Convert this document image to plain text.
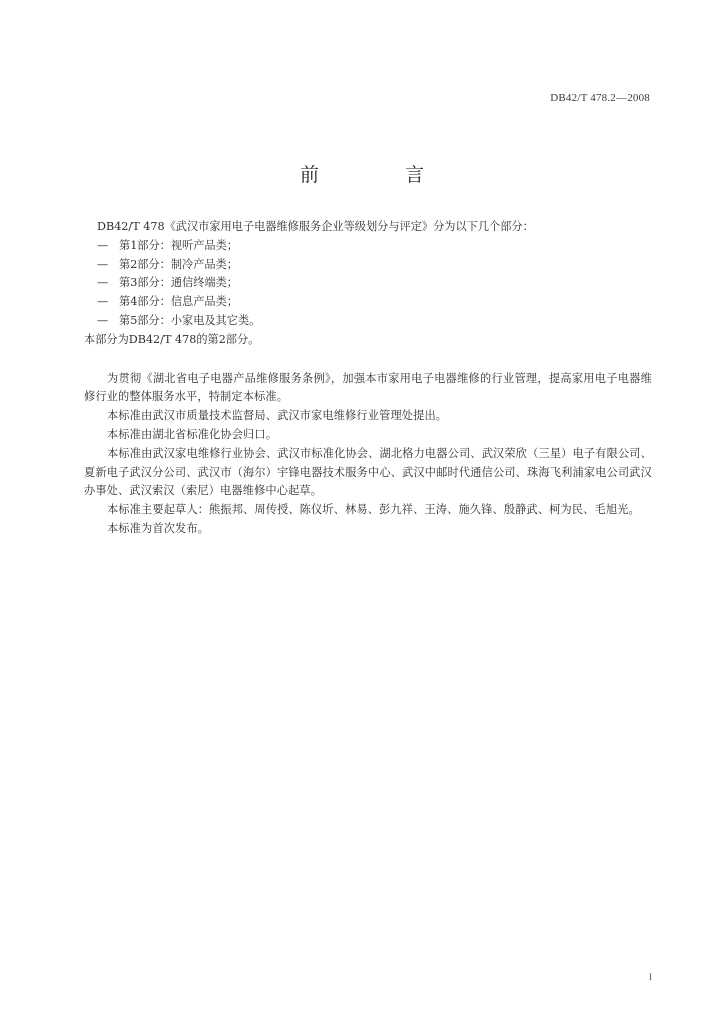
DB42/T 478.2—2008
前 言
DB42/T 478《武汉市家用电子电器维修服务企业等级划分与评定》分为以下几个部分：
— 第1部分：视听产品类；
— 第2部分：制冷产品类；
— 第3部分：通信终端类；
— 第4部分：信息产品类；
— 第5部分：小家电及其它类。
本部分为DB42/T 478的第2部分。
为贯彻《湖北省电子电器产品维修服务条例》，加强本市家用电子电器维修的行业管理，提高家用电子电器维修行业的整体服务水平，特制定本标准。
本标准由武汉市质量技术监督局、武汉市家电维修行业管理处提出。
本标准由湖北省标准化协会归口。
本标准由武汉家电维修行业协会、武汉市标准化协会、湖北格力电器公司、武汉荣欣（三星）电子有限公司、夏新电子武汉分公司、武汉市（海尔）宇锋电器技术服务中心、武汉中邮时代通信公司、珠海飞利浦家电公司武汉办事处、武汉索汉（索尼）电器维修中心起草。
本标准主要起草人：熊振邦、周传授、陈仪圻、林易、彭九祥、王涛、施久锋、殷静武、柯为民、毛旭光。
本标准为首次发布。
I
